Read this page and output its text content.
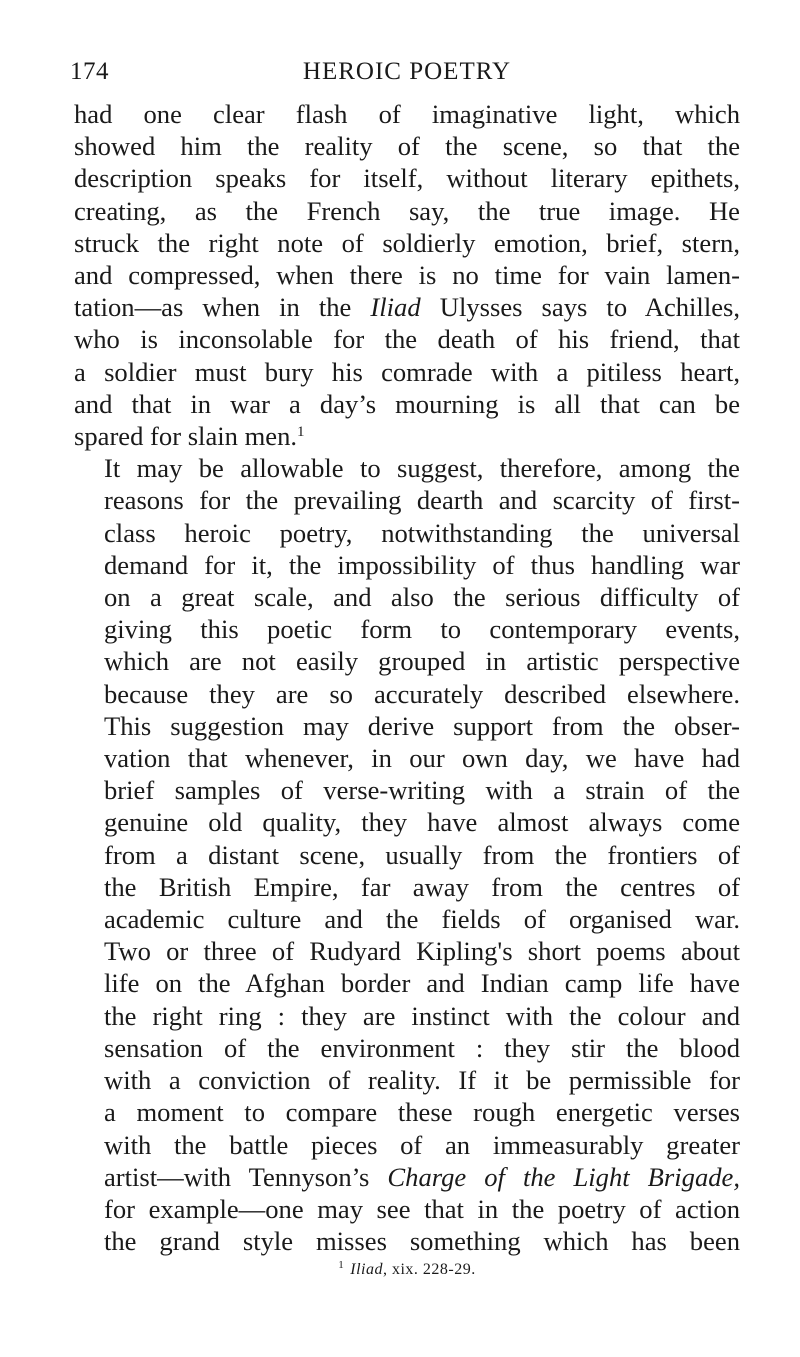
174	HEROIC POETRY

had one clear flash of imaginative light, which
showed him the reality of the scene, so that the
description speaks for itself, without literary epithets,
creating, as the French say, the true image. He
struck the right note of soldierly emotion, brief, stern,
and compressed, when there is no time for vain lamen-
tation—as when in the Iliad Ulysses says to Achilles,
who is inconsolable for the death of his friend, that
a soldier must bury his comrade with a pitiless heart,
and that in war a day’s mourning is all that can be
spared for slain men.$^1$

It may be allowable to suggest, therefore, among the
reasons for the prevailing dearth and scarcity of first-
class heroic poetry, notwithstanding the universal
demand for it, the impossibility of thus handling war
on a great scale, and also the serious difficulty of
giving this poetic form to contemporary events,
which are not easily grouped in artistic perspective
because they are so accurately described elsewhere.
This suggestion may derive support from the obser-
vation that whenever, in our own day, we have had
brief samples of verse-writing with a strain of the
genuine old quality, they have almost always come
from a distant scene, usually from the frontiers of
the British Empire, far away from the centres of
academic culture and the fields of organised war.
Two or three of Rudyard Kipling's short poems about
life on the Afghan border and Indian camp life have
the right ring : they are instinct with the colour and
sensation of the environment : they stir the blood
with a conviction of reality. If it be permissible for
a moment to compare these rough energetic verses
with the battle pieces of an immeasurably greater
artist—with Tennyson’s Charge of the Light Brigade,
for example—one may see that in the poetry of action
the grand style misses something which has been

$^1$ Iliad, xix. 228-29.
